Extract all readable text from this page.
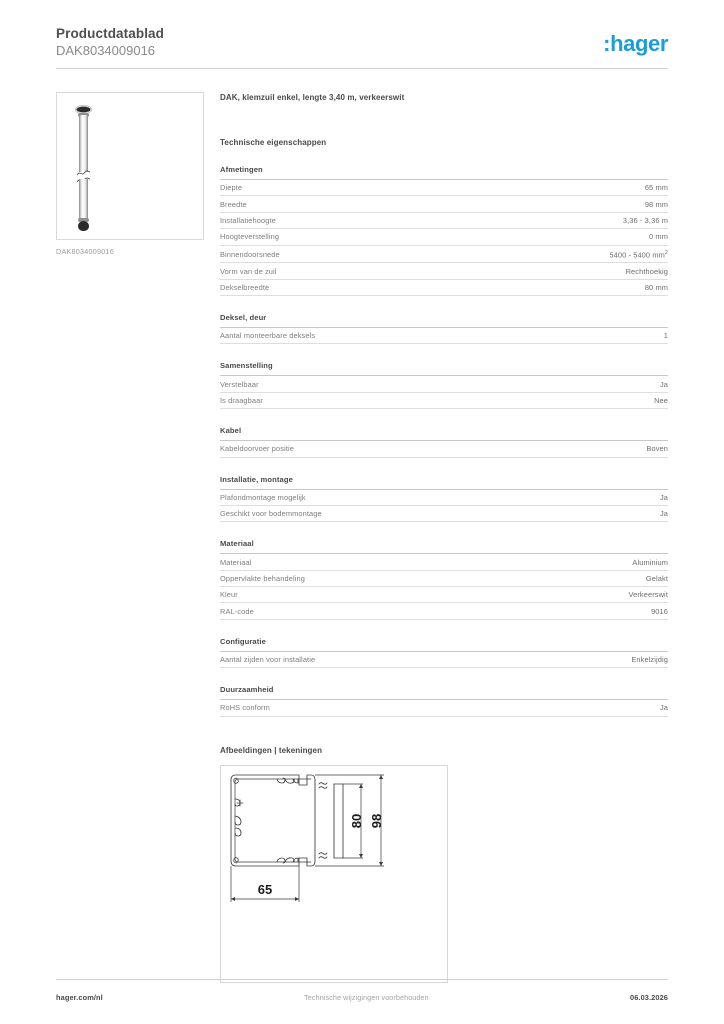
Productdatablad
DAK8034009016	:hager
DAK8034009016
DAK, klemzuil enkel, lengte 3,40 m, verkeerswit
Technische eigenschappen
Afmetingen
Diepte	65 mm
Breedte	98 mm
Installatiehoogte	3,36 - 3,36 m
Hoogteverstelling	0 mm
Binnendoorsnede	5400 - 5400 $mm^2$
Vorm van de zuil	Rechthoekig
Dekselbreedte	80 mm
Deksel, deur
Aantal monteerbare deksels	1
Samenstelling
Verstelbaar	Ja
Is draagbaar	Nee
Kabel
Kabeldoorvoer positie	Boven
Installatie, montage
Plafondmontage mogelijk	Ja
Geschikt voor bodemmontage	Ja
Materiaal
Materiaal	Aluminium
Oppervlakte behandeling	Gelakt
Kleur	Verkeerswit
RAL-code	9016
Configuratie
Aantal zijden voor installatie	Enkelzijdig
Duurzaamheid
RoHS conform	Ja
Afbeeldingen | tekeningen
80 98
65
hager.com/nl	Technische wijzigingen voorbehouden	06.03.2026
